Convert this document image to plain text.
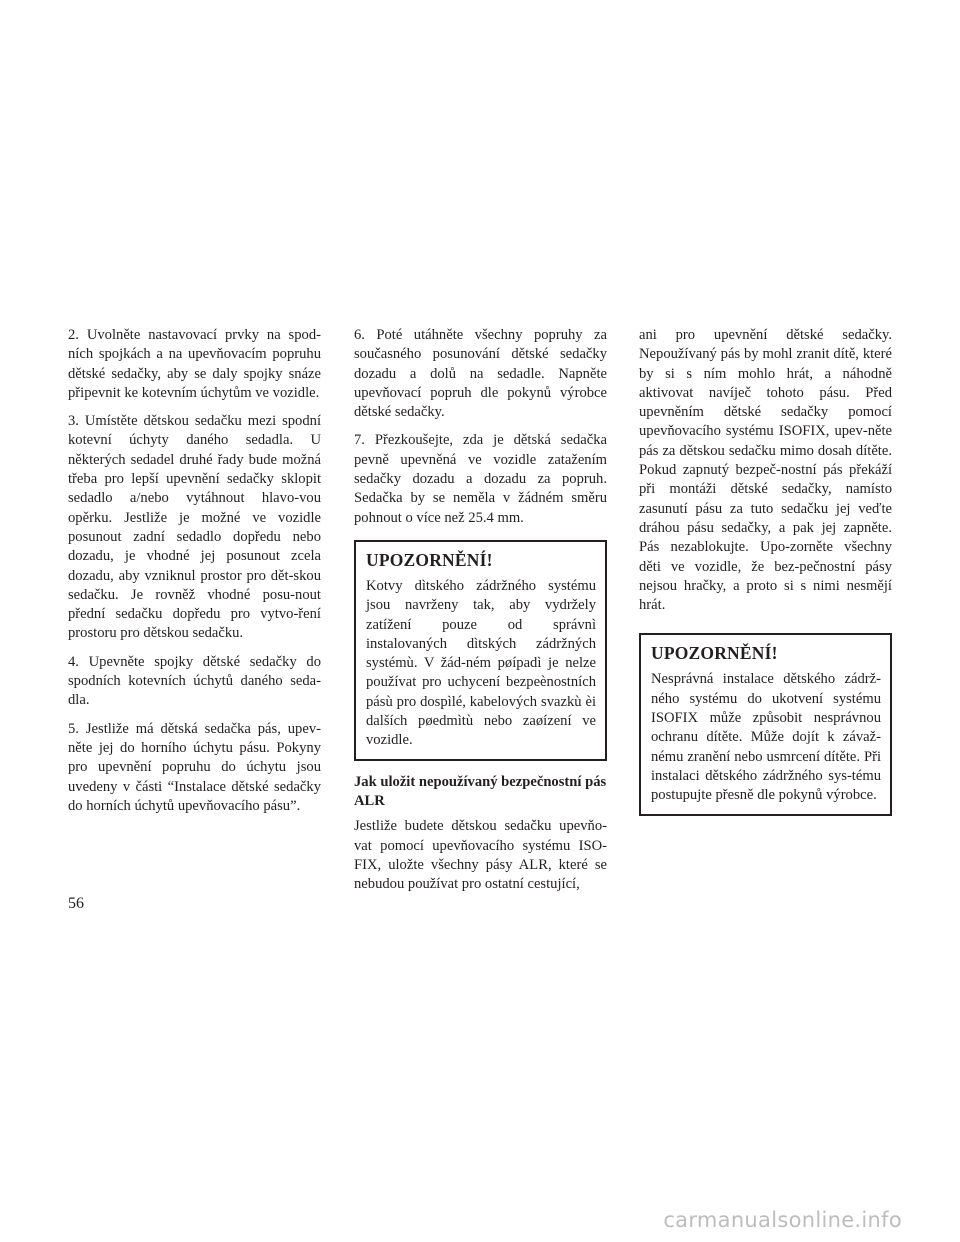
2. Uvolněte nastavovací prvky na spod-ních spojkách a na upevňovacím popruhu dětské sedačky, aby se daly spojky snáze připevnit ke kotevním úchytům ve vozidle.

3. Umístěte dětskou sedačku mezi spodní kotevní úchyty daného sedadla. U některých sedadel druhé řady bude možná třeba pro lepší upevnění sedačky sklopit sedadlo a/nebo vytáhnout hlavo-vou opěrku. Jestliže je možné ve vozidle posunout zadní sedadlo dopředu nebo dozadu, je vhodné jej posunout zcela dozadu, aby vzniknul prostor pro dět-skou sedačku. Je rovněž vhodné posu-nout přední sedačku dopředu pro vytvo-ření prostoru pro dětskou sedačku.

4. Upevněte spojky dětské sedačky do spodních kotevních úchytů daného seda-dla.

5. Jestliže má dětská sedačka pás, upev-něte jej do horního úchytu pásu. Pokyny pro upevnění popruhu do úchytu jsou uvedeny v části “Instalace dětské sedačky do horních úchytů upevňovacího pásu”.

6. Poté utáhněte všechny popruhy za současného posunování dětské sedačky dozadu a dolů na sedadle. Napněte upevňovací popruh dle pokynů výrobce dětské sedačky.

7. Přezkoušejte, zda je dětská sedačka pevně upevněná ve vozidle zatažením sedačky dozadu a dozadu za popruh. Sedačka by se neměla v žádném směru pohnout o více než 25.4 mm.

UPOZORNĚNÍ!

Kotvy dìtského zádržného systému jsou navrženy tak, aby vydržely zatížení pouze od správnì instalovaných dìtských zádržných systémù. V žád-ném pøípadì je nelze používat pro uchycení bezpeènostních pásù pro dospìlé, kabelových svazkù èi dalších pøedmìtù nebo zaøízení ve vozidle.

Jak uložit nepoužívaný bezpečnostní pás ALR

Jestliže budete dětskou sedačku upevňo-vat pomocí upevňovacího systému ISO-FIX, uložte všechny pásy ALR, které se nebudou používat pro ostatní cestující,

ani pro upevnění dětské sedačky. Nepoužívaný pás by mohl zranit dítě, které by si s ním mohlo hrát, a náhodně aktivovat navíječ tohoto pásu. Před upevněním dětské sedačky pomocí upevňovacího systému ISOFIX, upev-něte pás za dětskou sedačku mimo dosah dítěte. Pokud zapnutý bezpeč-nostní pás překáží při montáži dětské sedačky, namísto zasunutí pásu za tuto sedačku jej veďte dráhou pásu sedačky, a pak jej zapněte. Pás nezablokujte. Upo-zorněte všechny děti ve vozidle, že bez-pečnostní pásy nejsou hračky, a proto si s nimi nesmějí hrát.

UPOZORNĚNÍ!

Nesprávná instalace dětského zádrž-ného systému do ukotvení systému ISOFIX může způsobit nesprávnou ochranu dítěte. Může dojít k závaž-nému zranění nebo usmrcení dítěte. Při instalaci dětského zádržného sys-tému postupujte přesně dle pokynů výrobce.

56
carmanualsonline.info
